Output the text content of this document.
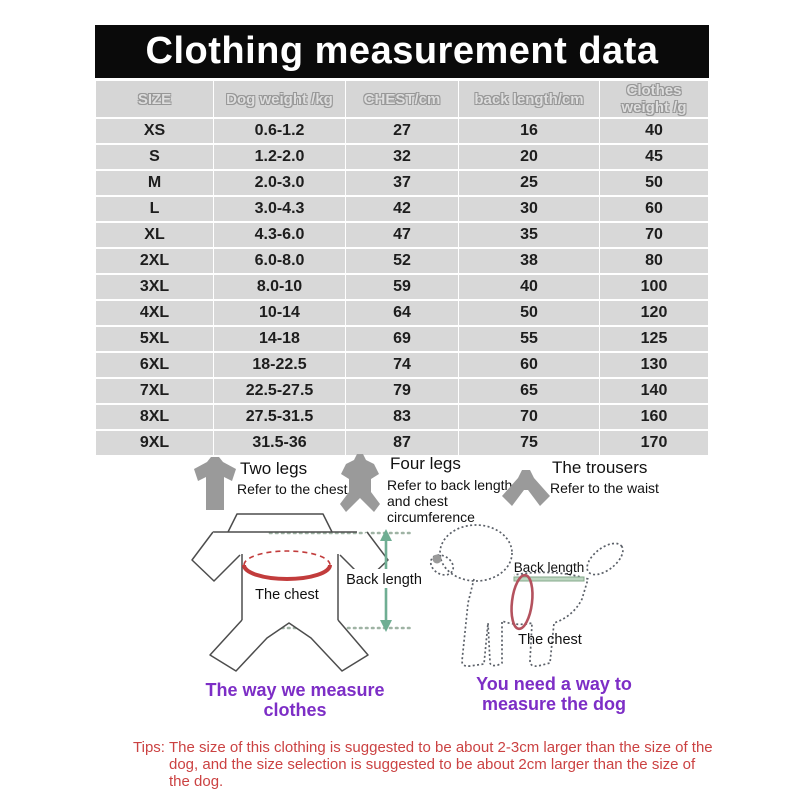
Clothing measurement data
SIZE	Dog weight /kg	CHEST/cm	back length/cm	Clothes weight /g
XS	0.6-1.2	27	16	40
S	1.2-2.0	32	20	45
M	2.0-3.0	37	25	50
L	3.0-4.3	42	30	60
XL	4.3-6.0	47	35	70
2XL	6.0-8.0	52	38	80
3XL	8.0-10	59	40	100
4XL	10-14	64	50	120
5XL	14-18	69	55	125
6XL	18-22.5	74	60	130
7XL	22.5-27.5	79	65	140
8XL	27.5-31.5	83	70	160
9XL	31.5-36	87	75	170
Two legs
Refer to the chest
Four legs
Refer to back length and chest circumference
The trousers
Refer to the waist
The chest
Back length
The way we measure clothes
Back length
The chest
You need a way to measure the dog
Tips: The size of this clothing is suggested to be about 2-3cm larger than the size of the dog, and the size selection is suggested to be about 2cm larger than the size of the dog.
